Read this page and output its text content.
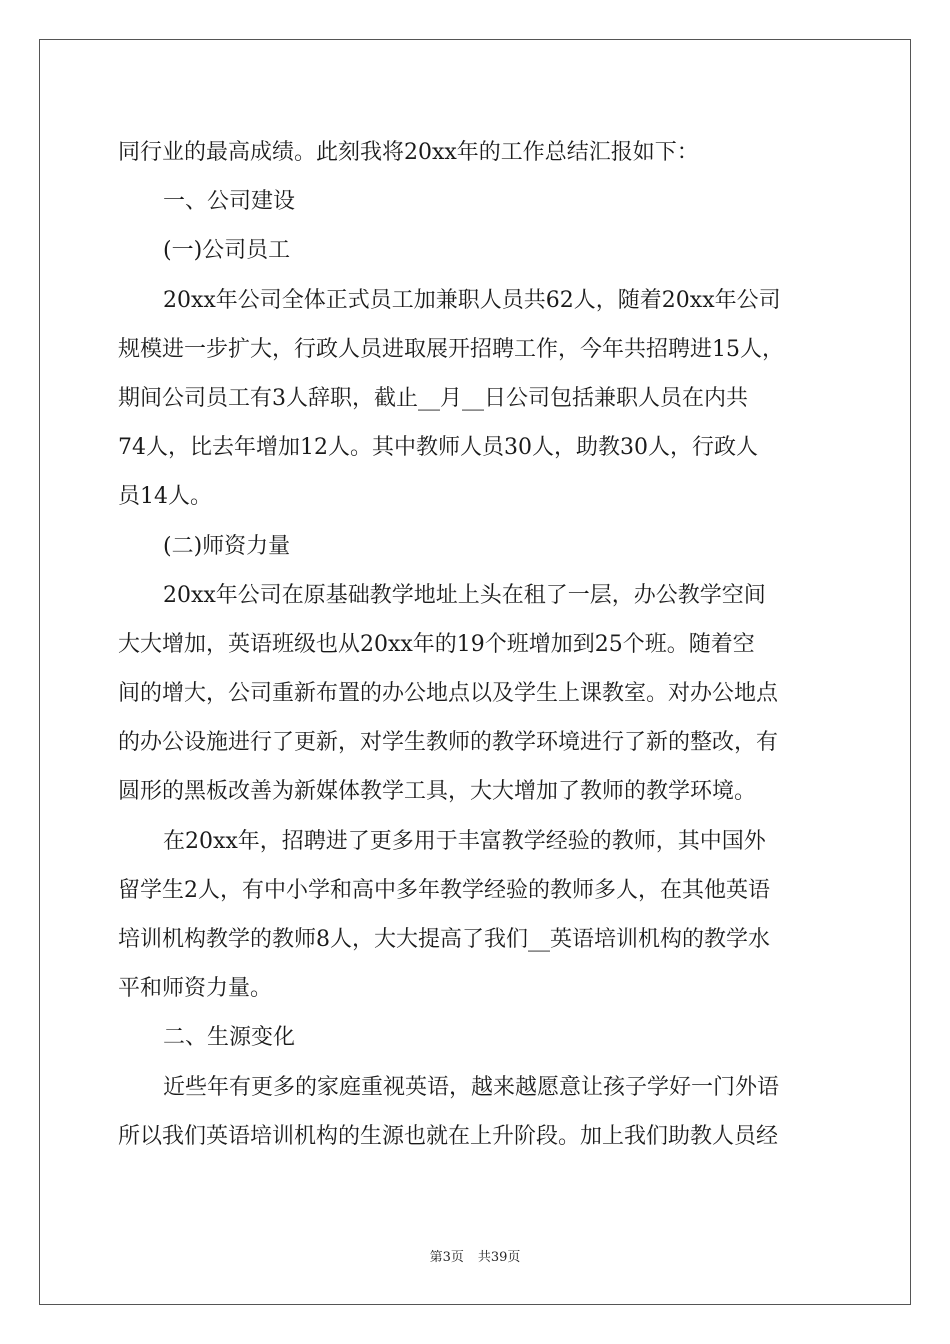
同行业的最高成绩。此刻我将20xx年的工作总结汇报如下：
一、公司建设
(一)公司员工
20xx年公司全体正式员工加兼职人员共62人，随着20xx年公司
规模进一步扩大，行政人员进取展开招聘工作，今年共招聘进15人，
期间公司员工有3人辞职，截止__月__日公司包括兼职人员在内共
74人，比去年增加12人。其中教师人员30人，助教30人，行政人
员14人。
(二)师资力量
20xx年公司在原基础教学地址上头在租了一层，办公教学空间
大大增加，英语班级也从20xx年的19个班增加到25个班。随着空
间的增大，公司重新布置的办公地点以及学生上课教室。对办公地点
的办公设施进行了更新，对学生教师的教学环境进行了新的整改，有
圆形的黑板改善为新媒体教学工具，大大增加了教师的教学环境。
在20xx年，招聘进了更多用于丰富教学经验的教师，其中国外
留学生2人，有中小学和高中多年教学经验的教师多人，在其他英语
培训机构教学的教师8人，大大提高了我们__英语培训机构的教学水
平和师资力量。
二、生源变化
近些年有更多的家庭重视英语，越来越愿意让孩子学好一门外语
所以我们英语培训机构的生源也就在上升阶段。加上我们助教人员经
第3页 共39页
